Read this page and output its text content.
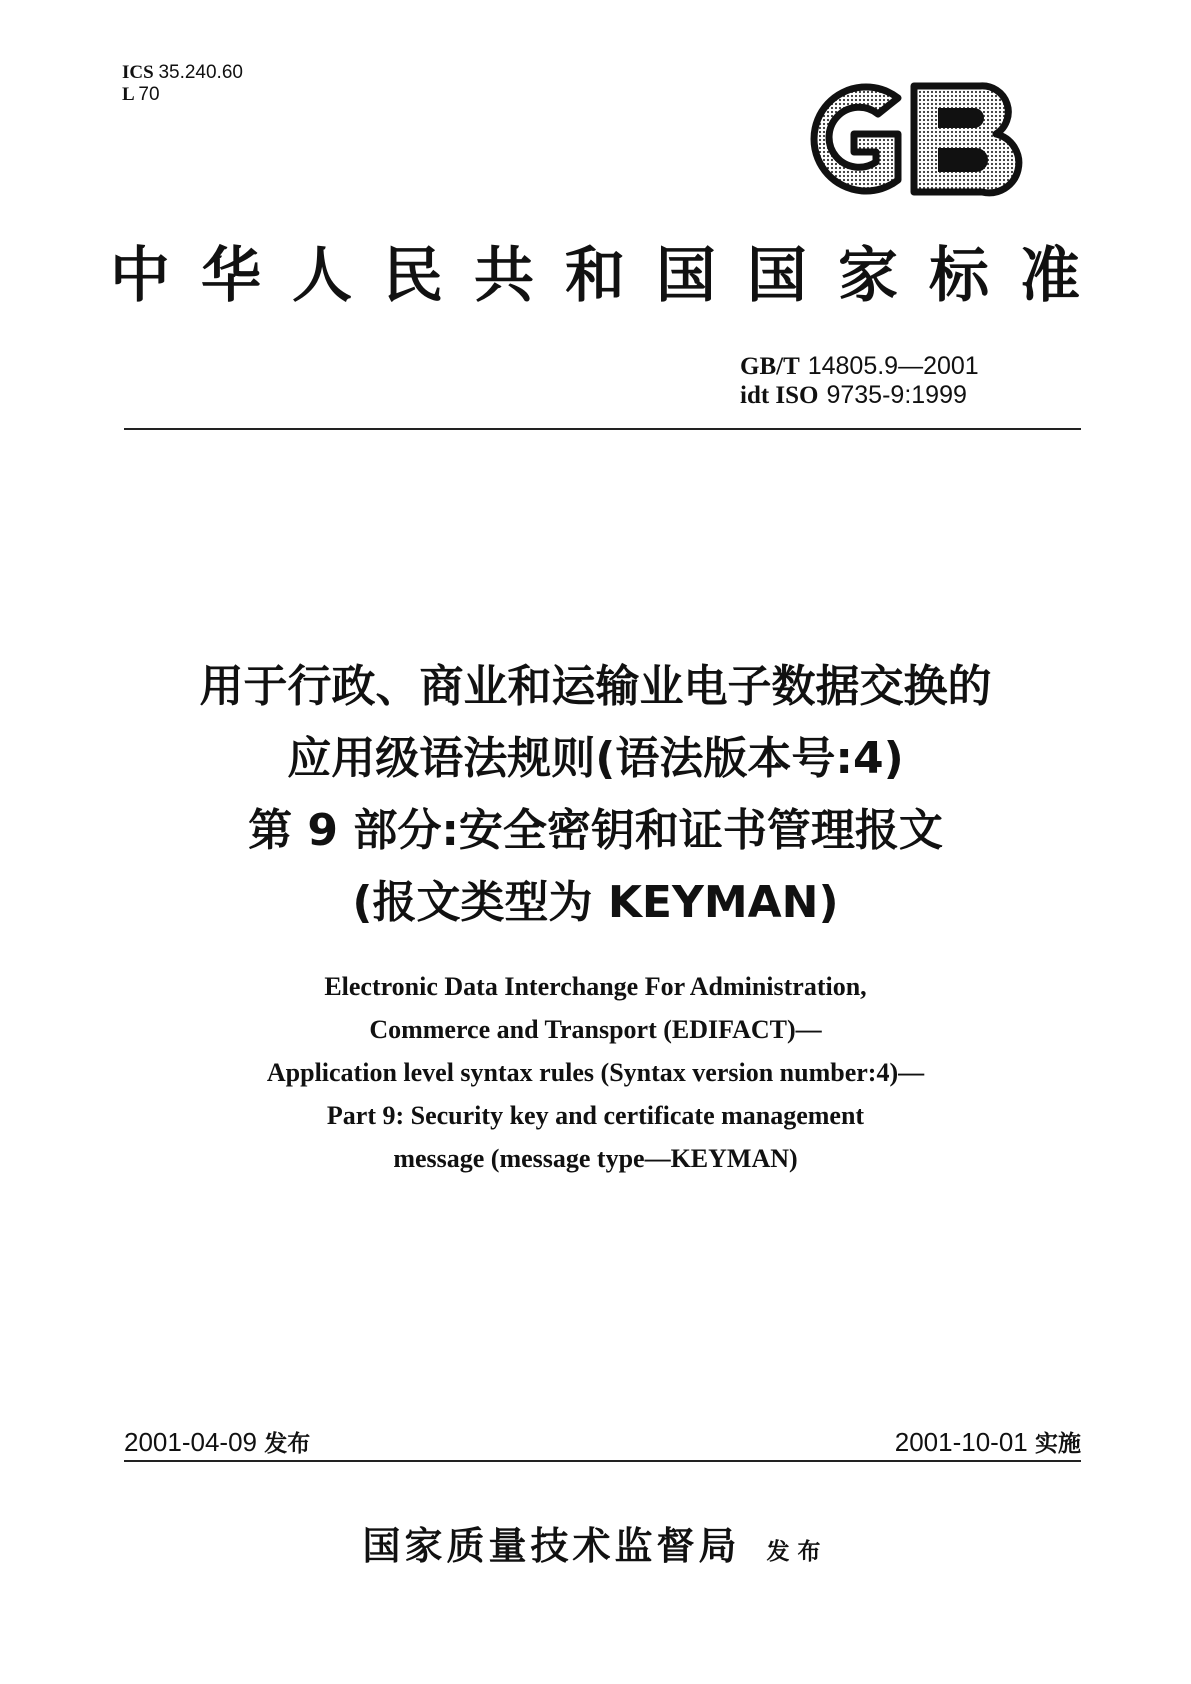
ICS 35.240.60
L 70
GB
中华人民共和国国家标准
GB/T 14805.9—2001
idt ISO 9735-9:1999
用于行政、商业和运输业电子数据交换的
应用级语法规则(语法版本号:4)
第 9 部分:安全密钥和证书管理报文
(报文类型为 KEYMAN)
Electronic Data Interchange For Administration,
Commerce and Transport (EDIFACT)—
Application level syntax rules (Syntax version number:4)—
Part 9: Security key and certificate management
message (message type—KEYMAN)
2001-04-09 发布	2001-10-01 实施
国家质量技术监督局 发布
